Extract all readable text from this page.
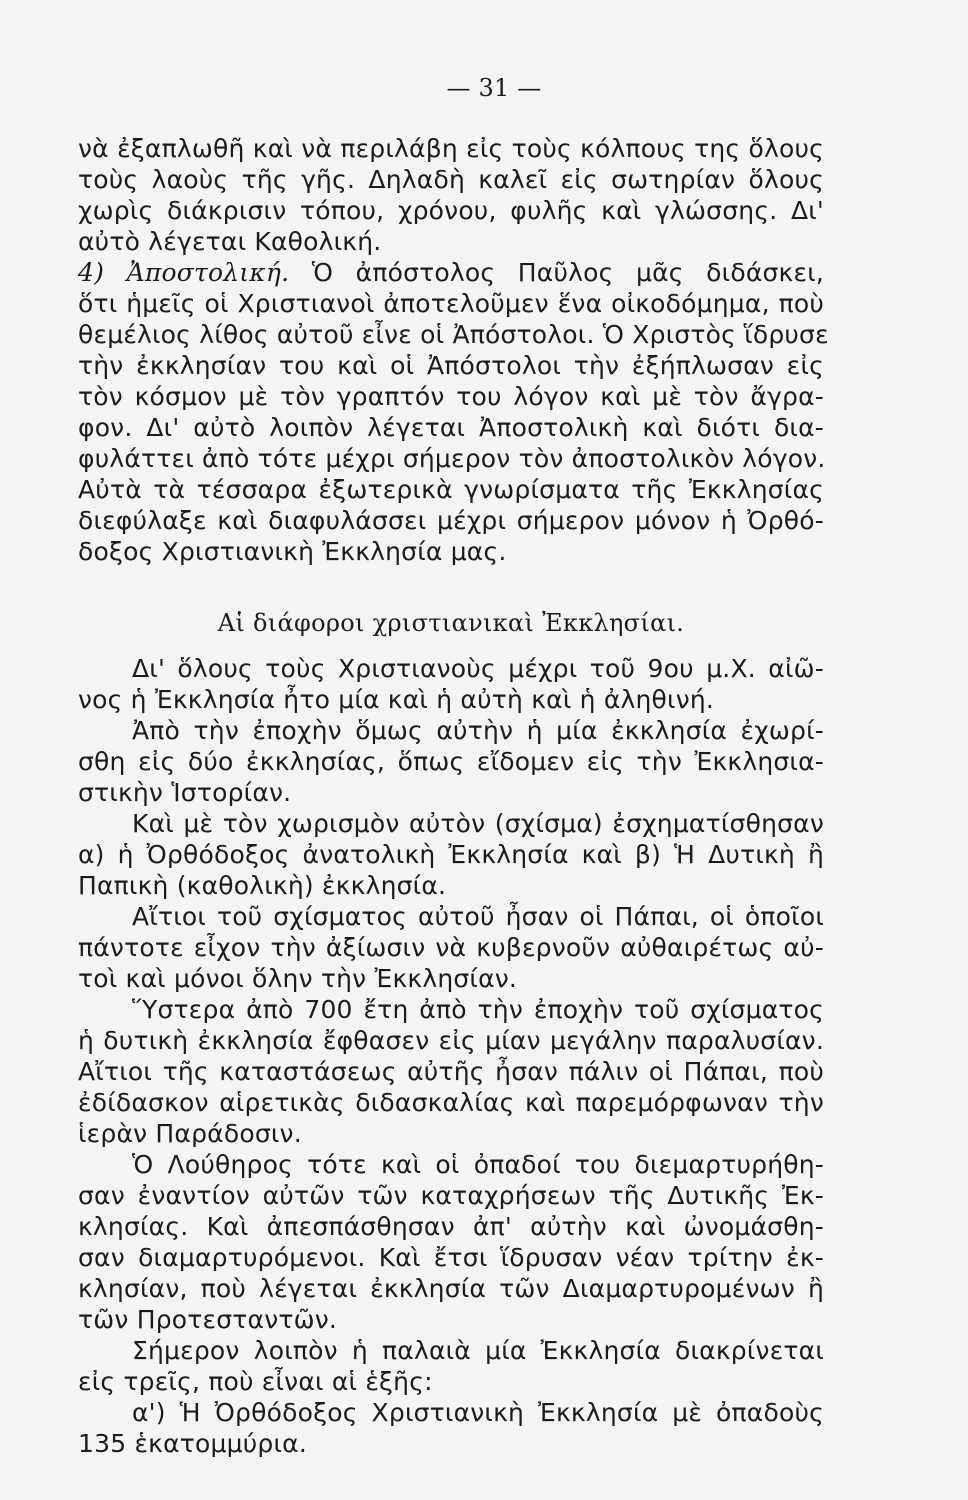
— 31 —
νὰ ἐξαπλωθῆ καὶ νὰ περιλάβη εἰς τοὺς κόλπους της ὅλους
τοὺς λαοὺς τῆς γῆς. Δηλαδὴ καλεῖ εἰς σωτηρίαν ὅλους
χωρὶς διάκρισιν τόπου, χρόνου, φυλῆς καὶ γλώσσης. Δι'
αὐτὸ λέγεται Καθολική.
4) Ἀποστολική. Ὁ ἀπόστολος Παῦλος μᾶς διδάσκει,
ὅτι ἡμεῖς οἱ Χριστιανοὶ ἀποτελοῦμεν ἕνα οἰκοδόμημα, ποὺ
θεμέλιος λίθος αὐτοῦ εἶνε οἱ Ἀπόστολοι. Ὁ Χριστὸς ἵδρυσε
τὴν ἐκκλησίαν του καὶ οἱ Ἀπόστολοι τὴν ἐξήπλωσαν εἰς
τὸν κόσμον μὲ τὸν γραπτόν του λόγον καὶ μὲ τὸν ἄγρα-
φον. Δι' αὐτὸ λοιπὸν λέγεται Ἀποστολικὴ καὶ διότι δια-
φυλάττει ἀπὸ τότε μέχρι σήμερον τὸν ἀποστολικὸν λόγον.
Αὐτὰ τὰ τέσσαρα ἐξωτερικὰ γνωρίσματα τῆς Ἐκκλησίας
διεφύλαξε καὶ διαφυλάσσει μέχρι σήμερον μόνον ἡ Ὀρθό-
δοξος Χριστιανικὴ Ἐκκλησία μας.
Αἱ διάφοροι χριστιανικαὶ Ἐκκλησίαι.
Δι' ὅλους τοὺς Χριστιανοὺς μέχρι τοῦ 9ου μ.Χ. αἰῶ-
νος ἡ Ἐκκλησία ἦτο μία καὶ ἡ αὐτὴ καὶ ἡ ἀληθινή.
Ἀπὸ τὴν ἐποχὴν ὅμως αὐτὴν ἡ μία ἐκκλησία ἐχωρί-
σθη εἰς δύο ἐκκλησίας, ὅπως εἴδομεν εἰς τὴν Ἐκκλησια-
στικὴν Ἱστορίαν.
Καὶ μὲ τὸν χωρισμὸν αὐτὸν (σχίσμα) ἐσχηματίσθησαν
α) ἡ Ὀρθόδοξος ἀνατολικὴ Ἐκκλησία καὶ β) Ἡ Δυτικὴ ἢ
Παπικὴ (καθολικὴ) ἐκκλησία.
Αἴτιοι τοῦ σχίσματος αὐτοῦ ἦσαν οἱ Πάπαι, οἱ ὁποῖοι
πάντοτε εἶχον τὴν ἀξίωσιν νὰ κυβερνοῦν αὐθαιρέτως αὐ-
τοὶ καὶ μόνοι ὅλην τὴν Ἐκκλησίαν.
Ὕστερα ἀπὸ 700 ἔτη ἀπὸ τὴν ἐποχὴν τοῦ σχίσματος
ἡ δυτικὴ ἐκκλησία ἔφθασεν εἰς μίαν μεγάλην παραλυσίαν.
Αἴτιοι τῆς καταστάσεως αὐτῆς ἦσαν πάλιν οἱ Πάπαι, ποὺ
ἐδίδασκον αἱρετικὰς διδασκαλίας καὶ παρεμόρφωναν τὴν
ἱερὰν Παράδοσιν.
Ὁ Λούθηρος τότε καὶ οἱ ὀπαδοί του διεμαρτυρήθη-
σαν ἐναντίον αὐτῶν τῶν καταχρήσεων τῆς Δυτικῆς Ἐκ-
κλησίας. Καὶ ἀπεσπάσθησαν ἀπ' αὐτὴν καὶ ὠνομάσθη-
σαν διαμαρτυρόμενοι. Καὶ ἔτσι ἵδρυσαν νέαν τρίτην ἐκ-
κλησίαν, ποὺ λέγεται ἐκκλησία τῶν Διαμαρτυρομένων ἢ
τῶν Προτεσταντῶν.
Σήμερον λοιπὸν ἡ παλαιὰ μία Ἐκκλησία διακρίνεται
εἰς τρεῖς, ποὺ εἶναι αἱ ἑξῆς:
α') Ἡ Ὀρθόδοξος Χριστιανικὴ Ἐκκλησία μὲ ὀπαδοὺς
135 ἑκατομμύρια.
